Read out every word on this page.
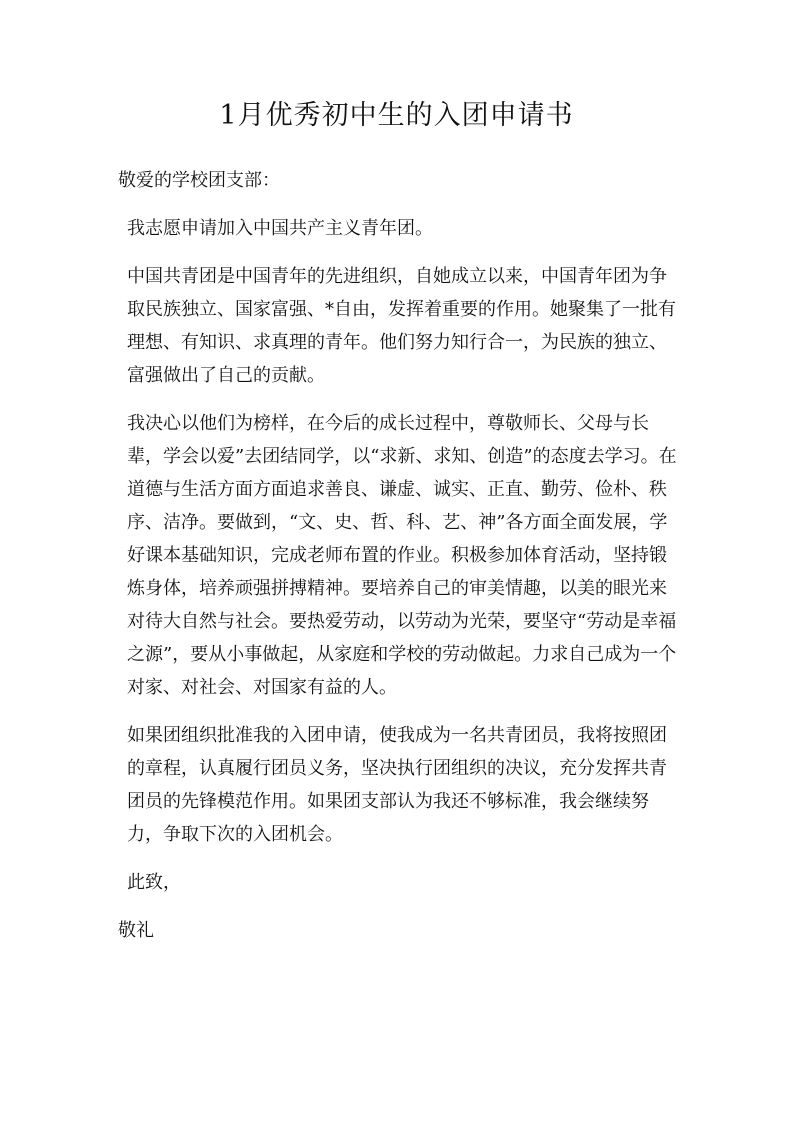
1月优秀初中生的入团申请书

敬爱的学校团支部：

我志愿申请加入中国共产主义青年团。

中国共青团是中国青年的先进组织，自她成立以来，中国青年团为争取民族独立、国家富强、*自由，发挥着重要的作用。她聚集了一批有理想、有知识、求真理的青年。他们努力知行合一，为民族的独立、富强做出了自己的贡献。

我决心以他们为榜样，在今后的成长过程中，尊敬师长、父母与长辈，学会以爱”去团结同学，以“求新、求知、创造”的态度去学习。在道德与生活方面方面追求善良、谦虚、诚实、正直、勤劳、俭朴、秩序、洁净。要做到，“文、史、哲、科、艺、神”各方面全面发展，学好课本基础知识，完成老师布置的作业。积极参加体育活动，坚持锻炼身体，培养顽强拼搏精神。要培养自己的审美情趣，以美的眼光来对待大自然与社会。要热爱劳动，以劳动为光荣，要坚守“劳动是幸福之源”，要从小事做起，从家庭和学校的劳动做起。力求自己成为一个对家、对社会、对国家有益的人。

如果团组织批准我的入团申请，使我成为一名共青团员，我将按照团的章程，认真履行团员义务，坚决执行团组织的决议，充分发挥共青团员的先锋模范作用。如果团支部认为我还不够标准，我会继续努力，争取下次的入团机会。

此致，

敬礼
